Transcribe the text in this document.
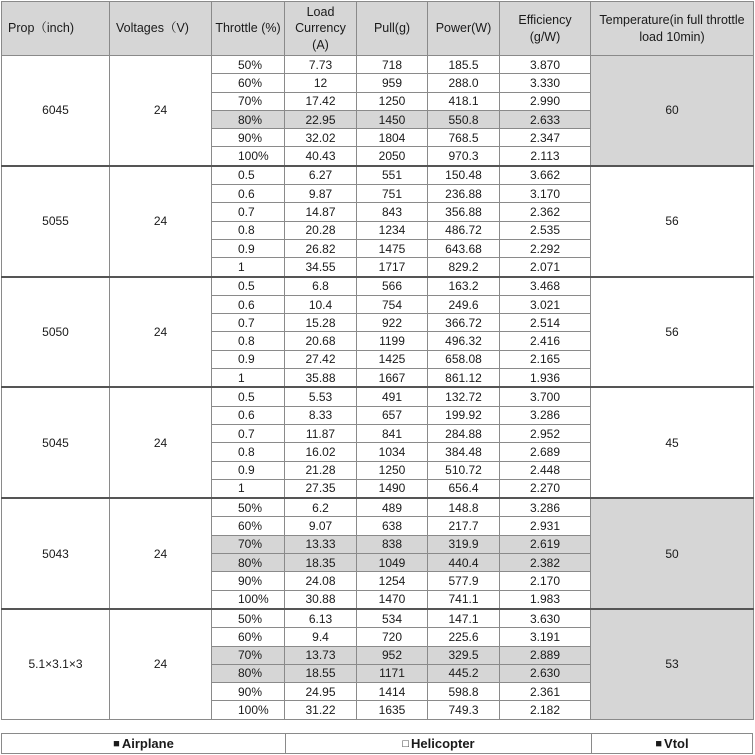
Prop（inch)	Voltages（V)	Throttle (%)	Load Currency (A)	Pull(g)	Power(W)	Efficiency (g/W)	Temperature(in full throttle load 10min)
6045	24	50%	7.73	718	185.5	3.870	60
		60%	12	959	288.0	3.330	
		70%	17.42	1250	418.1	2.990	
		80%	22.95	1450	550.8	2.633	
		90%	32.02	1804	768.5	2.347	
		100%	40.43	2050	970.3	2.113	
5055	24	0.5	6.27	551	150.48	3.662	56
		0.6	9.87	751	236.88	3.170	
		0.7	14.87	843	356.88	2.362	
		0.8	20.28	1234	486.72	2.535	
		0.9	26.82	1475	643.68	2.292	
		1	34.55	1717	829.2	2.071	
5050	24	0.5	6.8	566	163.2	3.468	56
		0.6	10.4	754	249.6	3.021	
		0.7	15.28	922	366.72	2.514	
		0.8	20.68	1199	496.32	2.416	
		0.9	27.42	1425	658.08	2.165	
		1	35.88	1667	861.12	1.936	
5045	24	0.5	5.53	491	132.72	3.700	45
		0.6	8.33	657	199.92	3.286	
		0.7	11.87	841	284.88	2.952	
		0.8	16.02	1034	384.48	2.689	
		0.9	21.28	1250	510.72	2.448	
		1	27.35	1490	656.4	2.270	
5043	24	50%	6.2	489	148.8	3.286	50
		60%	9.07	638	217.7	2.931	
		70%	13.33	838	319.9	2.619	
		80%	18.35	1049	440.4	2.382	
		90%	24.08	1254	577.9	2.170	
		100%	30.88	1470	741.1	1.983	
5.1×3.1×3	24	50%	6.13	534	147.1	3.630	53
		60%	9.4	720	225.6	3.191	
		70%	13.73	952	329.5	2.889	
		80%	18.55	1171	445.2	2.630	
		90%	24.95	1414	598.8	2.361	
		100%	31.22	1635	749.3	2.182	
■ Airplane	□ Helicopter	■ Vtol
